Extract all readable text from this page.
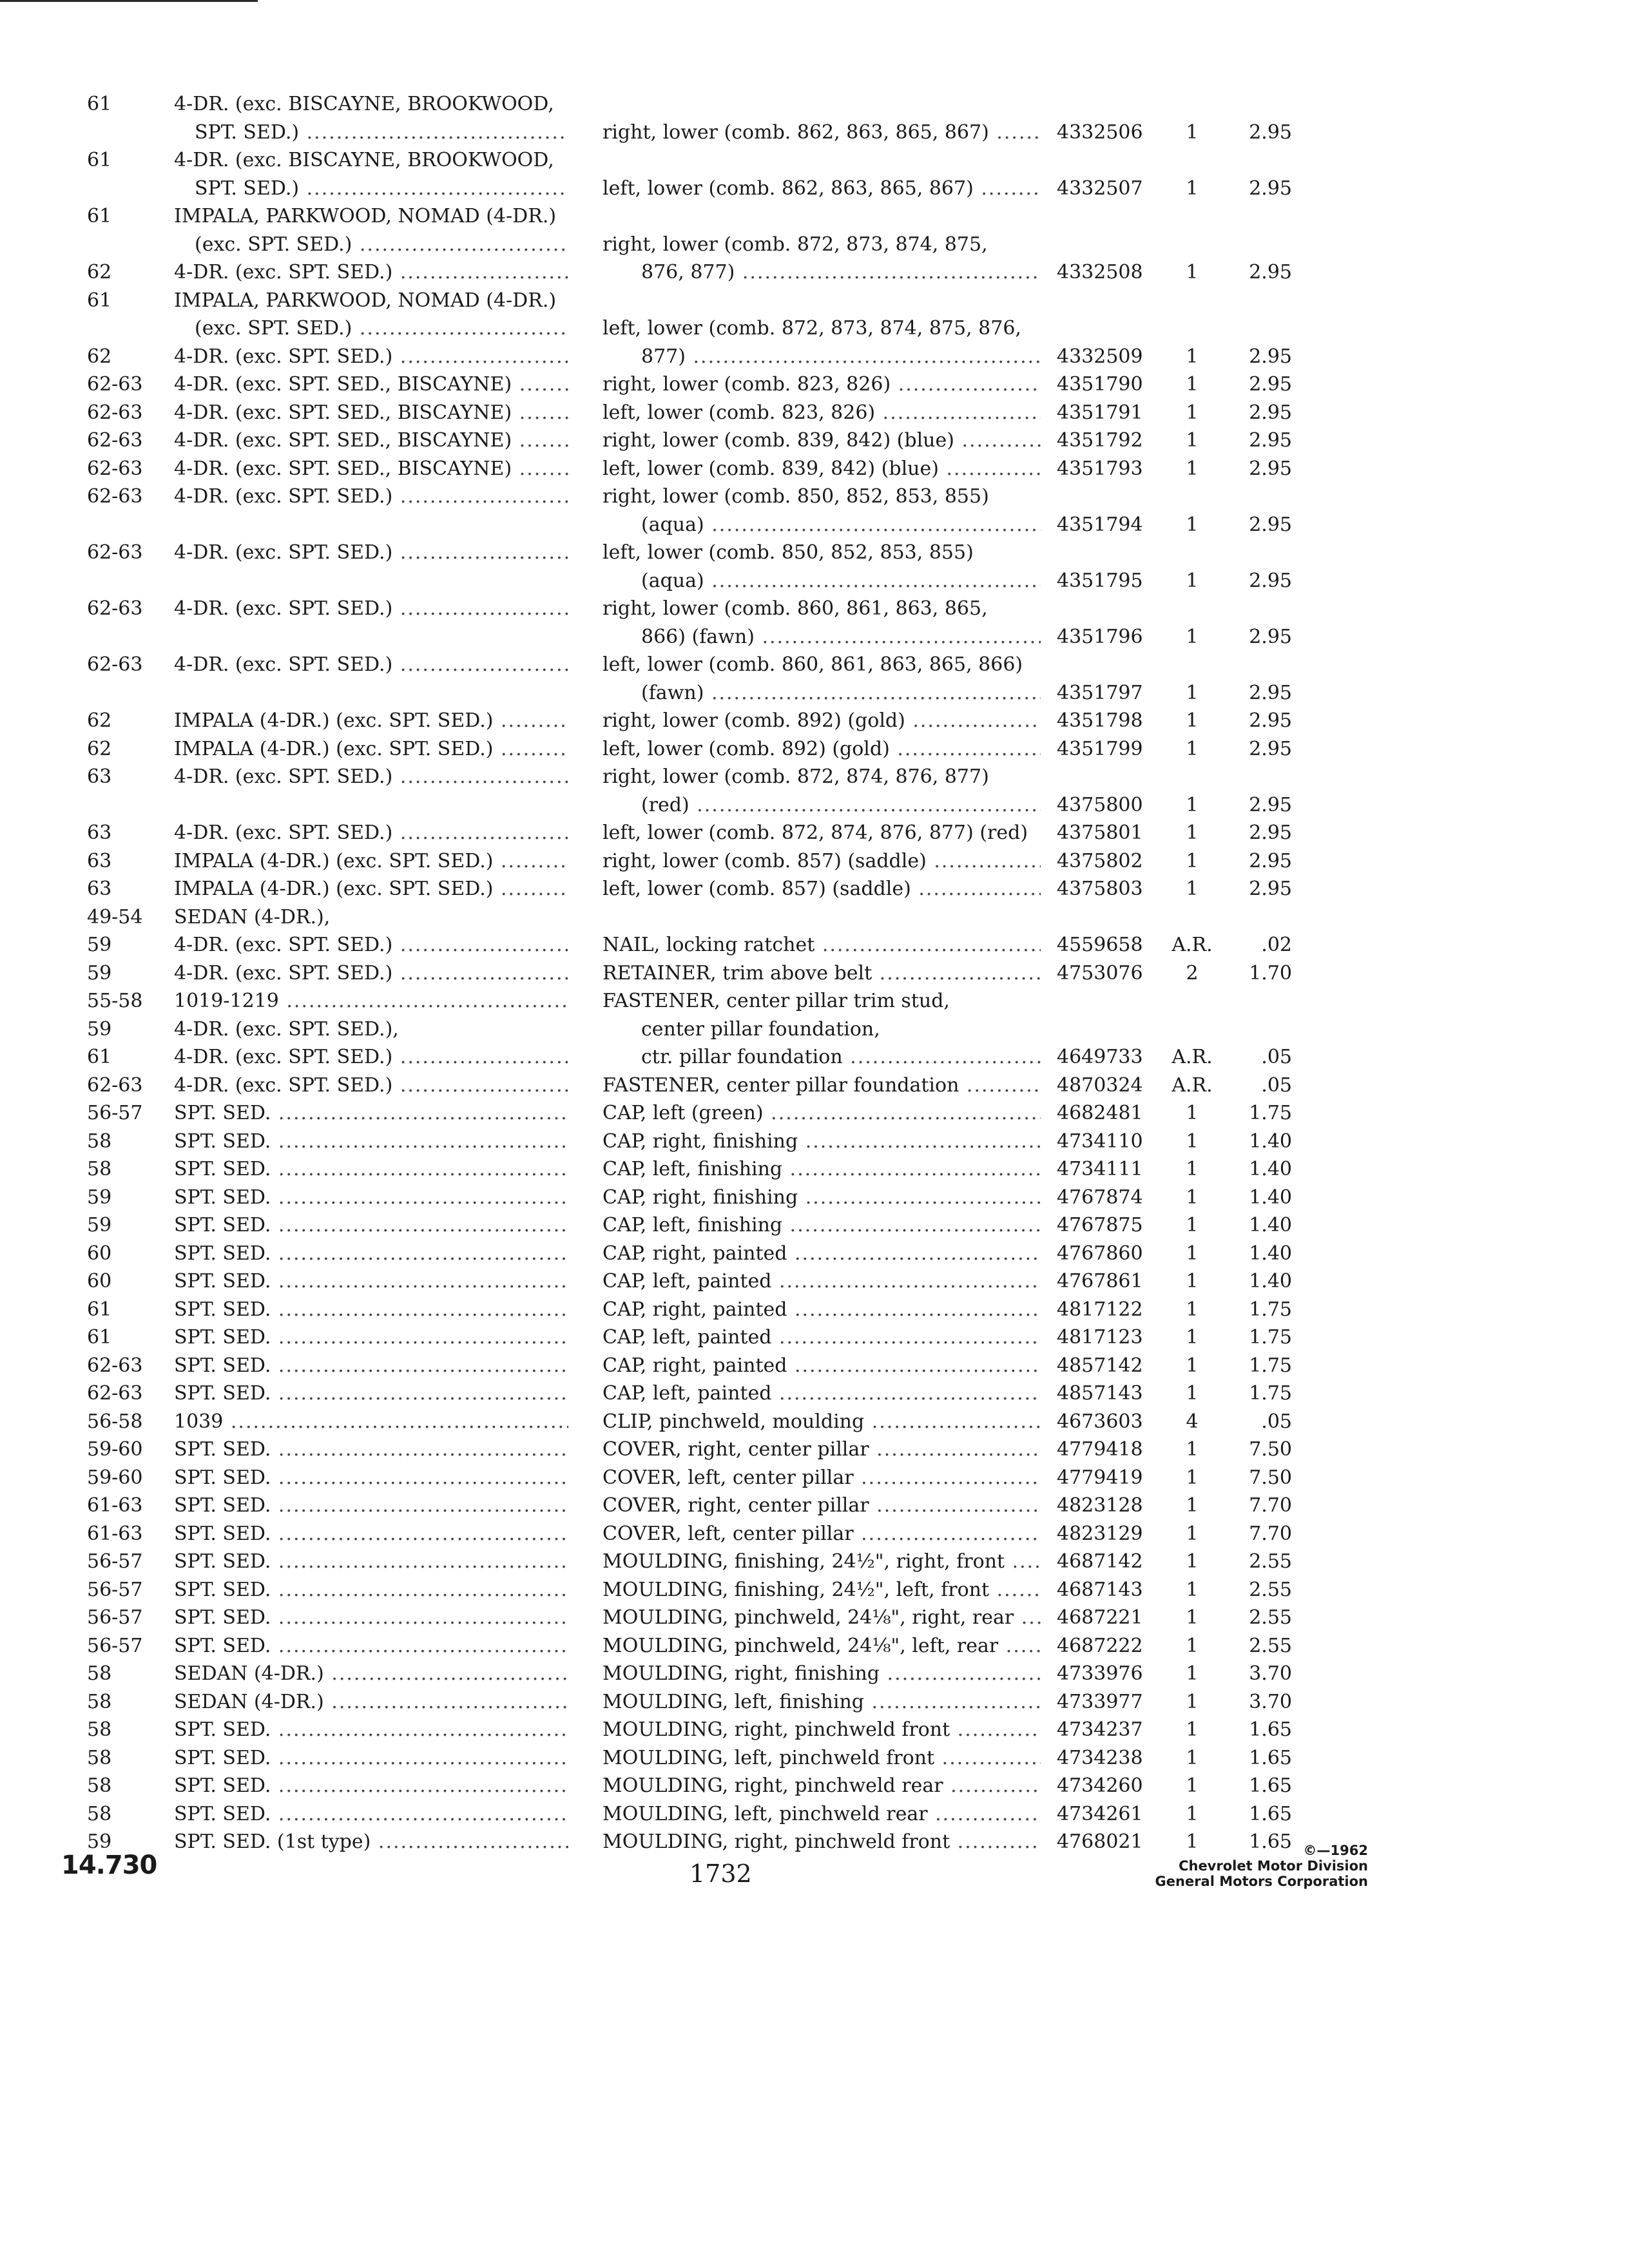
61	4-DR. (exc. BISCAYNE, BROOKWOOD,
SPT. SED.) .....	right, lower (comb. 862, 863, 865, 867) .....	4332506	1	2.95
61	4-DR. (exc. BISCAYNE, BROOKWOOD,
SPT. SED.) .....	left, lower (comb. 862, 863, 865, 867) .....	4332507	1	2.95
61	IMPALA, PARKWOOD, NOMAD (4-DR.)
(exc. SPT. SED.) .....	right, lower (comb. 872, 873, 874, 875,
62	4-DR. (exc. SPT. SED.) .....	876, 877) .....	4332508	1	2.95
61	IMPALA, PARKWOOD, NOMAD (4-DR.)
(exc. SPT. SED.) .....	left, lower (comb. 872, 873, 874, 875, 876,
62	4-DR. (exc. SPT. SED.) .....	877) .....	4332509	1	2.95
62-63	4-DR. (exc. SPT. SED., BISCAYNE) .....	right, lower (comb. 823, 826) .....	4351790	1	2.95
62-63	4-DR. (exc. SPT. SED., BISCAYNE) .....	left, lower (comb. 823, 826) .....	4351791	1	2.95
62-63	4-DR. (exc. SPT. SED., BISCAYNE) .....	right, lower (comb. 839, 842) (blue) .....	4351792	1	2.95
62-63	4-DR. (exc. SPT. SED., BISCAYNE) .....	left, lower (comb. 839, 842) (blue) .....	4351793	1	2.95
62-63	4-DR. (exc. SPT. SED.) .....	right, lower (comb. 850, 852, 853, 855)
(aqua) .....	4351794	1	2.95
62-63	4-DR. (exc. SPT. SED.) .....	left, lower (comb. 850, 852, 853, 855)
(aqua) .....	4351795	1	2.95
62-63	4-DR. (exc. SPT. SED.) .....	right, lower (comb. 860, 861, 863, 865,
866) (fawn) .....	4351796	1	2.95
62-63	4-DR. (exc. SPT. SED.) .....	left, lower (comb. 860, 861, 863, 865, 866)
(fawn) .....	4351797	1	2.95
62	IMPALA (4-DR.) (exc. SPT. SED.) .....	right, lower (comb. 892) (gold) .....	4351798	1	2.95
62	IMPALA (4-DR.) (exc. SPT. SED.) .....	left, lower (comb. 892) (gold) .....	4351799	1	2.95
63	4-DR. (exc. SPT. SED.) .....	right, lower (comb. 872, 874, 876, 877)
(red) .....	4375800	1	2.95
63	4-DR. (exc. SPT. SED.) .....	left, lower (comb. 872, 874, 876, 877) (red)	4375801	1	2.95
63	IMPALA (4-DR.) (exc. SPT. SED.) .....	right, lower (comb. 857) (saddle) .....	4375802	1	2.95
63	IMPALA (4-DR.) (exc. SPT. SED.) .....	left, lower (comb. 857) (saddle) .....	4375803	1	2.95
49-54	SEDAN (4-DR.),
59	4-DR. (exc. SPT. SED.) .....	NAIL, locking ratchet .....	4559658	A.R.	.02
59	4-DR. (exc. SPT. SED.) .....	RETAINER, trim above belt .....	4753076	2	1.70
55-58	1019-1219 .....	FASTENER, center pillar trim stud,
59	4-DR. (exc. SPT. SED.),	center pillar foundation,
61	4-DR. (exc. SPT. SED.) .....	ctr. pillar foundation .....	4649733	A.R.	.05
62-63	4-DR. (exc. SPT. SED.) .....	FASTENER, center pillar foundation .....	4870324	A.R.	.05
56-57	SPT. SED. .....	CAP, left (green) .....	4682481	1	1.75
58	SPT. SED. .....	CAP, right, finishing .....	4734110	1	1.40
58	SPT. SED. .....	CAP, left, finishing .....	4734111	1	1.40
59	SPT. SED. .....	CAP, right, finishing .....	4767874	1	1.40
59	SPT. SED. .....	CAP, left, finishing .....	4767875	1	1.40
60	SPT. SED. .....	CAP, right, painted .....	4767860	1	1.40
60	SPT. SED. .....	CAP, left, painted .....	4767861	1	1.40
61	SPT. SED. .....	CAP, right, painted .....	4817122	1	1.75
61	SPT. SED. .....	CAP, left, painted .....	4817123	1	1.75
62-63	SPT. SED. .....	CAP, right, painted .....	4857142	1	1.75
62-63	SPT. SED. .....	CAP, left, painted .....	4857143	1	1.75
56-58	1039 .....	CLIP, pinchweld, moulding .....	4673603	4	.05
59-60	SPT. SED. .....	COVER, right, center pillar .....	4779418	1	7.50
59-60	SPT. SED. .....	COVER, left, center pillar .....	4779419	1	7.50
61-63	SPT. SED. .....	COVER, right, center pillar .....	4823128	1	7.70
61-63	SPT. SED. .....	COVER, left, center pillar .....	4823129	1	7.70
56-57	SPT. SED. .....	MOULDING, finishing, 24½", right, front .....	4687142	1	2.55
56-57	SPT. SED. .....	MOULDING, finishing, 24½", left, front .....	4687143	1	2.55
56-57	SPT. SED. .....	MOULDING, pinchweld, 24⅛", right, rear .....	4687221	1	2.55
56-57	SPT. SED. .....	MOULDING, pinchweld, 24⅛", left, rear .....	4687222	1	2.55
58	SEDAN (4-DR.) .....	MOULDING, right, finishing .....	4733976	1	3.70
58	SEDAN (4-DR.) .....	MOULDING, left, finishing .....	4733977	1	3.70
58	SPT. SED. .....	MOULDING, right, pinchweld front .....	4734237	1	1.65
58	SPT. SED. .....	MOULDING, left, pinchweld front .....	4734238	1	1.65
58	SPT. SED. .....	MOULDING, right, pinchweld rear .....	4734260	1	1.65
58	SPT. SED. .....	MOULDING, left, pinchweld rear .....	4734261	1	1.65
59	SPT. SED. (1st type) .....	MOULDING, right, pinchweld front .....	4768021	1	1.65
14.730	1732
©—1962
Chevrolet Motor Division
General Motors Corporation
